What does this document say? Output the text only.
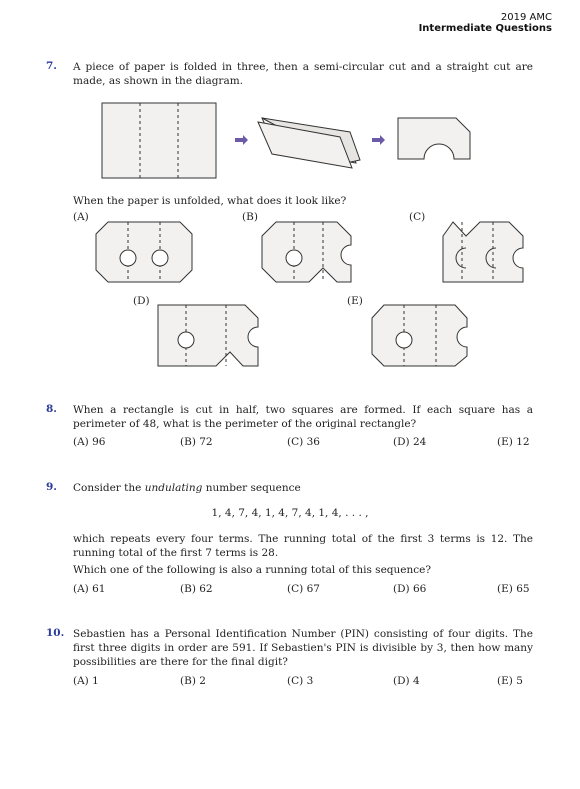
2019 AMC
Intermediate Questions
7. A piece of paper is folded in three, then a semi-circular cut and a straight cut are made, as shown in the diagram.
When the paper is unfolded, what does it look like?
(A)	(B)	(C)
(D)	(E)
8. When a rectangle is cut in half, two squares are formed. If each square has a perimeter of 48, what is the perimeter of the original rectangle?
(A) 96	(B) 72	(C) 36	(D) 24	(E) 12
9. Consider the undulating number sequence
1, 4, 7, 4, 1, 4, 7, 4, 1, 4, . . . ,
which repeats every four terms. The running total of the first 3 terms is 12. The running total of the first 7 terms is 28.
Which one of the following is also a running total of this sequence?
(A) 61	(B) 62	(C) 67	(D) 66	(E) 65
10. Sebastien has a Personal Identification Number (PIN) consisting of four digits. The first three digits in order are 591. If Sebastien's PIN is divisible by 3, then how many possibilities are there for the final digit?
(A) 1	(B) 2	(C) 3	(D) 4	(E) 5
